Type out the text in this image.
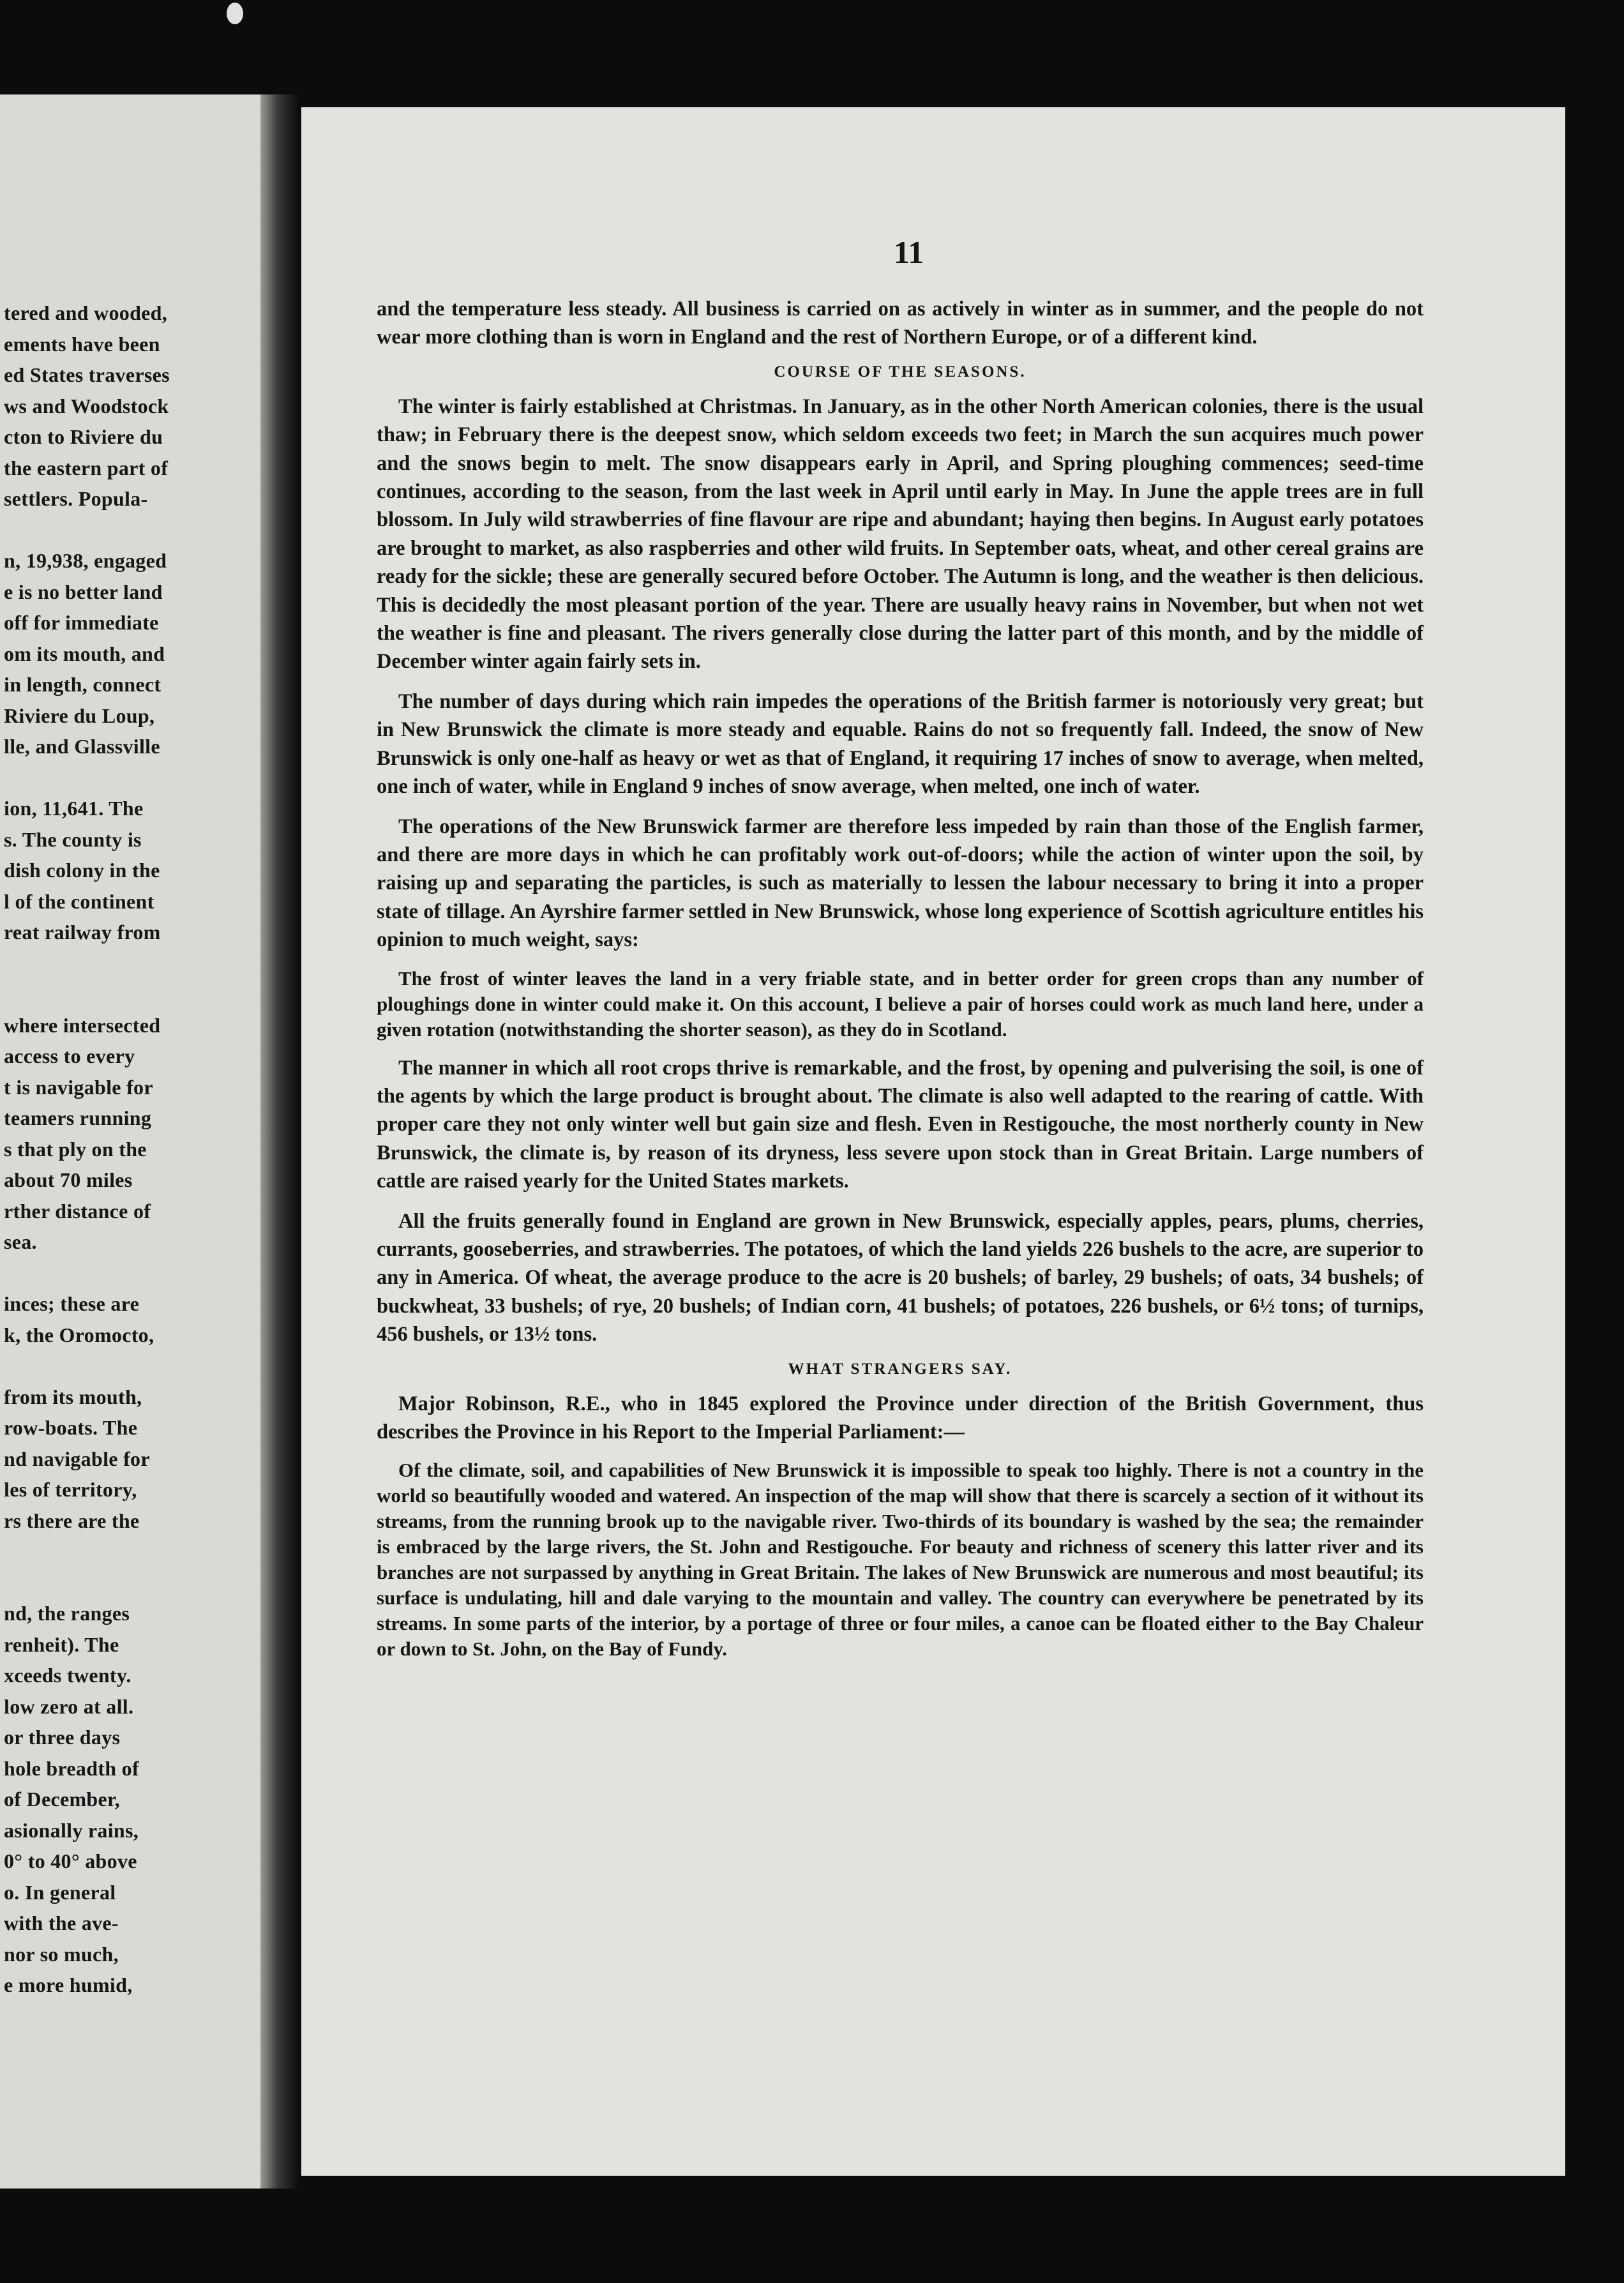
tered and wooded,
ements have been
ed States traverses
ws and Woodstock
cton to Riviere du
the eastern part of
settlers. Popula-
n, 19,938, engaged
e is no better land
off for immediate
om its mouth, and
in length, connect
Riviere du Loup,
lle, and Glassville
ion, 11,641. The
s. The county is
dish colony in the
l of the continent
reat railway from
where intersected
access to every
t is navigable for
teamers running
s that ply on the
about 70 miles
rther distance of
sea.
inces; these are
k, the Oromocto,
from its mouth,
row-boats. The
nd navigable for
les of territory,
rs there are the
nd, the ranges
renheit). The
xceeds twenty.
low zero at all.
or three days
hole breadth of
of December,
asionally rains,
0° to 40° above
o. In general
with the ave-
nor so much,
e more humid,
11

and the temperature less steady. All business is carried on as actively in winter as in summer, and the people do not wear more clothing than is worn in England and the rest of Northern Europe, or of a different kind.

COURSE OF THE SEASONS.

The winter is fairly established at Christmas. In January, as in the other North American colonies, there is the usual thaw; in February there is the deepest snow, which seldom exceeds two feet; in March the sun acquires much power and the snows begin to melt. The snow disappears early in April, and Spring ploughing commences; seed-time continues, according to the season, from the last week in April until early in May. In June the apple trees are in full blossom. In July wild strawberries of fine flavour are ripe and abundant; haying then begins. In August early potatoes are brought to market, as also raspberries and other wild fruits. In September oats, wheat, and other cereal grains are ready for the sickle; these are generally secured before October. The Autumn is long, and the weather is then delicious. This is decidedly the most pleasant portion of the year. There are usually heavy rains in November, but when not wet the weather is fine and pleasant. The rivers generally close during the latter part of this month, and by the middle of December winter again fairly sets in.

The number of days during which rain impedes the operations of the British farmer is notoriously very great; but in New Brunswick the climate is more steady and equable. Rains do not so frequently fall. Indeed, the snow of New Brunswick is only one-half as heavy or wet as that of England, it requiring 17 inches of snow to average, when melted, one inch of water, while in England 9 inches of snow average, when melted, one inch of water.

The operations of the New Brunswick farmer are therefore less impeded by rain than those of the English farmer, and there are more days in which he can profitably work out-of-doors; while the action of winter upon the soil, by raising up and separating the particles, is such as materially to lessen the labour necessary to bring it into a proper state of tillage. An Ayrshire farmer settled in New Brunswick, whose long experience of Scottish agriculture entitles his opinion to much weight, says:

The frost of winter leaves the land in a very friable state, and in better order for green crops than any number of ploughings done in winter could make it. On this account, I believe a pair of horses could work as much land here, under a given rotation (notwithstanding the shorter season), as they do in Scotland.

The manner in which all root crops thrive is remarkable, and the frost, by opening and pulverising the soil, is one of the agents by which the large product is brought about. The climate is also well adapted to the rearing of cattle. With proper care they not only winter well but gain size and flesh. Even in Restigouche, the most northerly county in New Brunswick, the climate is, by reason of its dryness, less severe upon stock than in Great Britain. Large numbers of cattle are raised yearly for the United States markets.

All the fruits generally found in England are grown in New Brunswick, especially apples, pears, plums, cherries, currants, gooseberries, and strawberries. The potatoes, of which the land yields 226 bushels to the acre, are superior to any in America. Of wheat, the average produce to the acre is 20 bushels; of barley, 29 bushels; of oats, 34 bushels; of buckwheat, 33 bushels; of rye, 20 bushels; of Indian corn, 41 bushels; of potatoes, 226 bushels, or 6½ tons; of turnips, 456 bushels, or 13½ tons.

WHAT STRANGERS SAY.

Major Robinson, R.E., who in 1845 explored the Province under direction of the British Government, thus describes the Province in his Report to the Imperial Parliament:—

Of the climate, soil, and capabilities of New Brunswick it is impossible to speak too highly. There is not a country in the world so beautifully wooded and watered. An inspection of the map will show that there is scarcely a section of it without its streams, from the running brook up to the navigable river. Two-thirds of its boundary is washed by the sea; the remainder is embraced by the large rivers, the St. John and Restigouche. For beauty and richness of scenery this latter river and its branches are not surpassed by anything in Great Britain. The lakes of New Brunswick are numerous and most beautiful; its surface is undulating, hill and dale varying to the mountain and valley. The country can everywhere be penetrated by its streams. In some parts of the interior, by a portage of three or four miles, a canoe can be floated either to the Bay Chaleur or down to St. John, on the Bay of Fundy.
